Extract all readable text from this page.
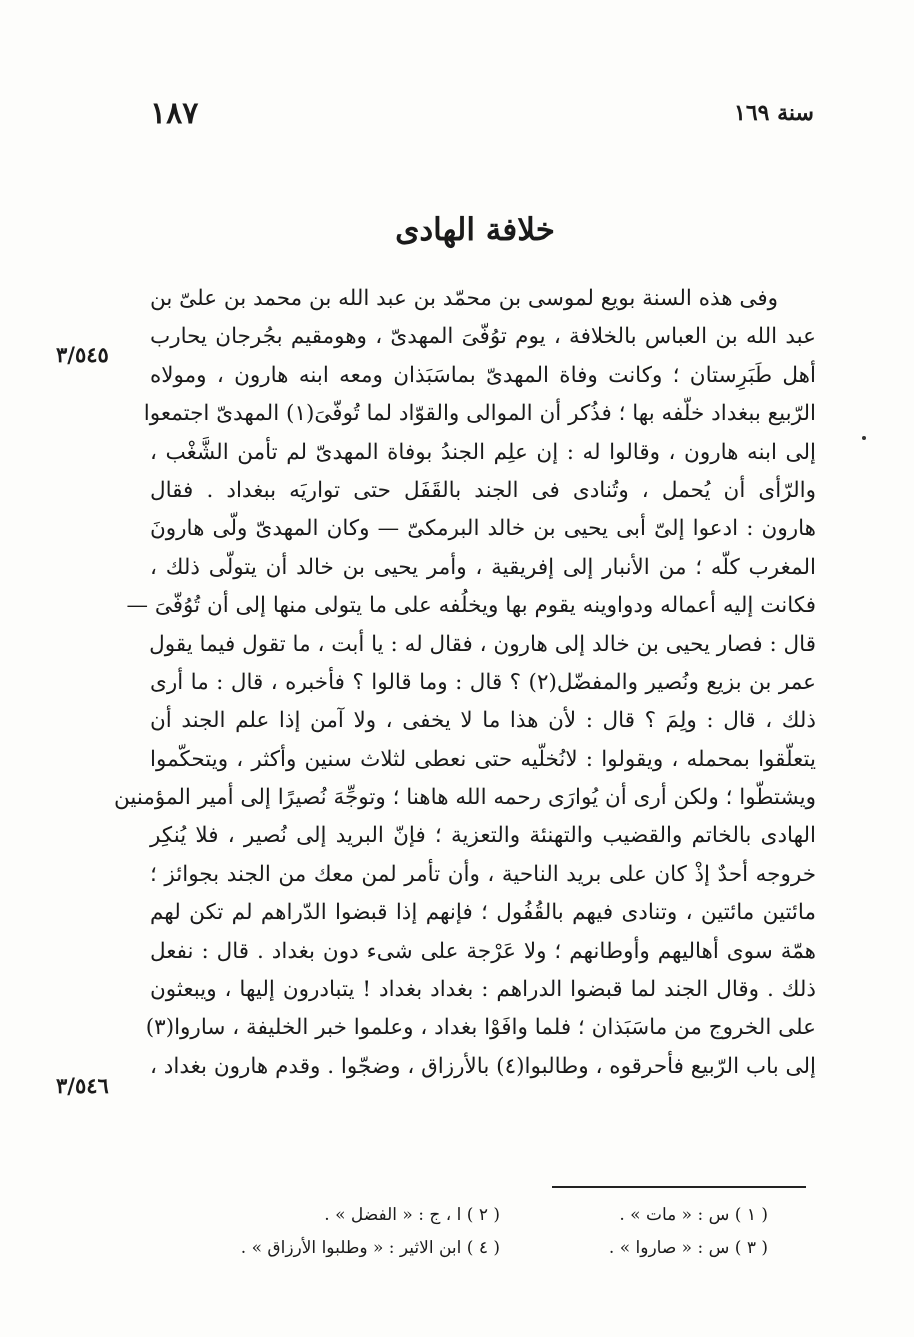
سنة ١٦٩
١٨٧
خلافة الهادى
٣/٥٤٥
٣/٥٤٦
وفى هذه السنة بويع لموسى بن محمّد بن عبد الله بن محمد بن علىّ بن
عبد الله بن العباس بالخلافة ، يوم توُفّىَ المهدىّ ، وهومقيم بجُرجان يحارب
أهل طَبَرِستان ؛ وكانت وفاة المهدىّ بماسَبَذان ومعه ابنه هارون ، ومولاه
الرّبيع ببغداد خلّفه بها ؛ فذُكر أن الموالى والقوّاد لما تُوفّىَ(١) المهدىّ اجتمعوا
إلى ابنه هارون ، وقالوا له : إن علِم الجندُ بوفاة المهدىّ لم تأمن الشَّغْب ،
والرّأى أن يُحمل ، وتُنادى فى الجند بالقَفَل حتى تواريَه ببغداد . فقال
هارون : ادعوا إلىّ أبى يحيى بن خالد البرمكىّ — وكان المهدىّ ولّى هارونَ
المغرب كلّه ؛ من الأنبار إلى إفريقية ، وأمر يحيى بن خالد أن يتولّى ذلك ،
فكانت إليه أعماله ودواوينه يقوم بها ويخلُفه على ما يتولى منها إلى أن تُوُفّىَ —
قال : فصار يحيى بن خالد إلى هارون ، فقال له : يا أبت ، ما تقول فيما يقول
عمر بن بزيع ونُصير والمفضّل(٢) ؟ قال : وما قالوا ؟ فأخبره ، قال : ما أرى
ذلك ، قال : ولِمَ ؟ قال : لأن هذا ما لا يخفى ، ولا آمن إذا علم الجند أن
يتعلّقوا بمحمله ، ويقولوا : لانُخلّيه حتى نعطى لثلاث سنين وأكثر ، ويتحكّموا
ويشتطّوا ؛ ولكن أرى أن يُوارَى رحمه الله هاهنا ؛ وتوجِّهَ نُصيرًا إلى أمير المؤمنين
الهادى بالخاتم والقضيب والتهنئة والتعزية ؛ فإنّ البريد إلى نُصير ، فلا يُنكِر
خروجه أحدٌ إذْ كان على بريد الناحية ، وأن تأمر لمن معك من الجند بجوائز ؛
مائتين مائتين ، وتنادى فيهم بالقُفُول ؛ فإنهم إذا قبضوا الدّراهم لم تكن لهم
همّة سوى أهاليهم وأوطانهم ؛ ولا عَرْجة على شىء دون بغداد . قال : نفعل
ذلك . وقال الجند لما قبضوا الدراهم : بغداد بغداد ! يتبادرون إليها ، ويبعثون
على الخروج من ماسَبَذان ؛ فلما وافَوْا بغداد ، وعلموا خبر الخليفة ، ساروا(٣)
إلى باب الرّبيع فأحرقوه ، وطالبوا(٤) بالأرزاق ، وضجّوا . وقدم هارون بغداد ،
( ١ ) س : « مات » .
( ٢ ) ا ، ج : « الفضل » .
( ٣ ) س : « صاروا » .
( ٤ ) ابن الاثير : « وطلبوا الأرزاق » .
